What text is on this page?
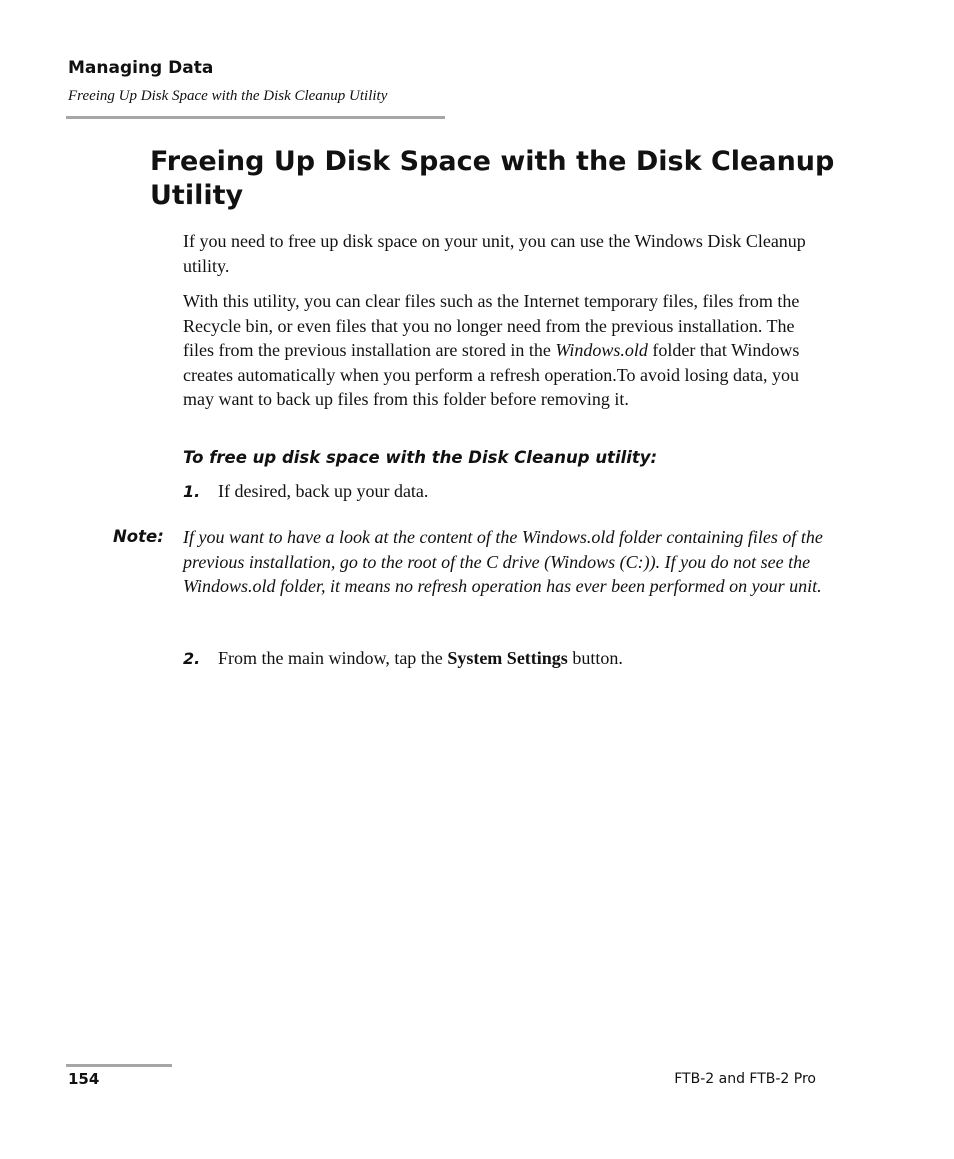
Managing Data
Freeing Up Disk Space with the Disk Cleanup Utility
Freeing Up Disk Space with the Disk Cleanup Utility

If you need to free up disk space on your unit, you can use the Windows Disk Cleanup utility.

With this utility, you can clear files such as the Internet temporary files, files from the Recycle bin, or even files that you no longer need from the previous installation. The files from the previous installation are stored in the Windows.old folder that Windows creates automatically when you perform a refresh operation.To avoid losing data, you may want to back up files from this folder before removing it.

To free up disk space with the Disk Cleanup utility:
1. If desired, back up your data.
Note: If you want to have a look at the content of the Windows.old folder containing files of the previous installation, go to the root of the C drive (Windows (C:)). If you do not see the Windows.old folder, it means no refresh operation has ever been performed on your unit.

2. From the main window, tap the System Settings button.
154	FTB-2 and FTB-2 Pro
